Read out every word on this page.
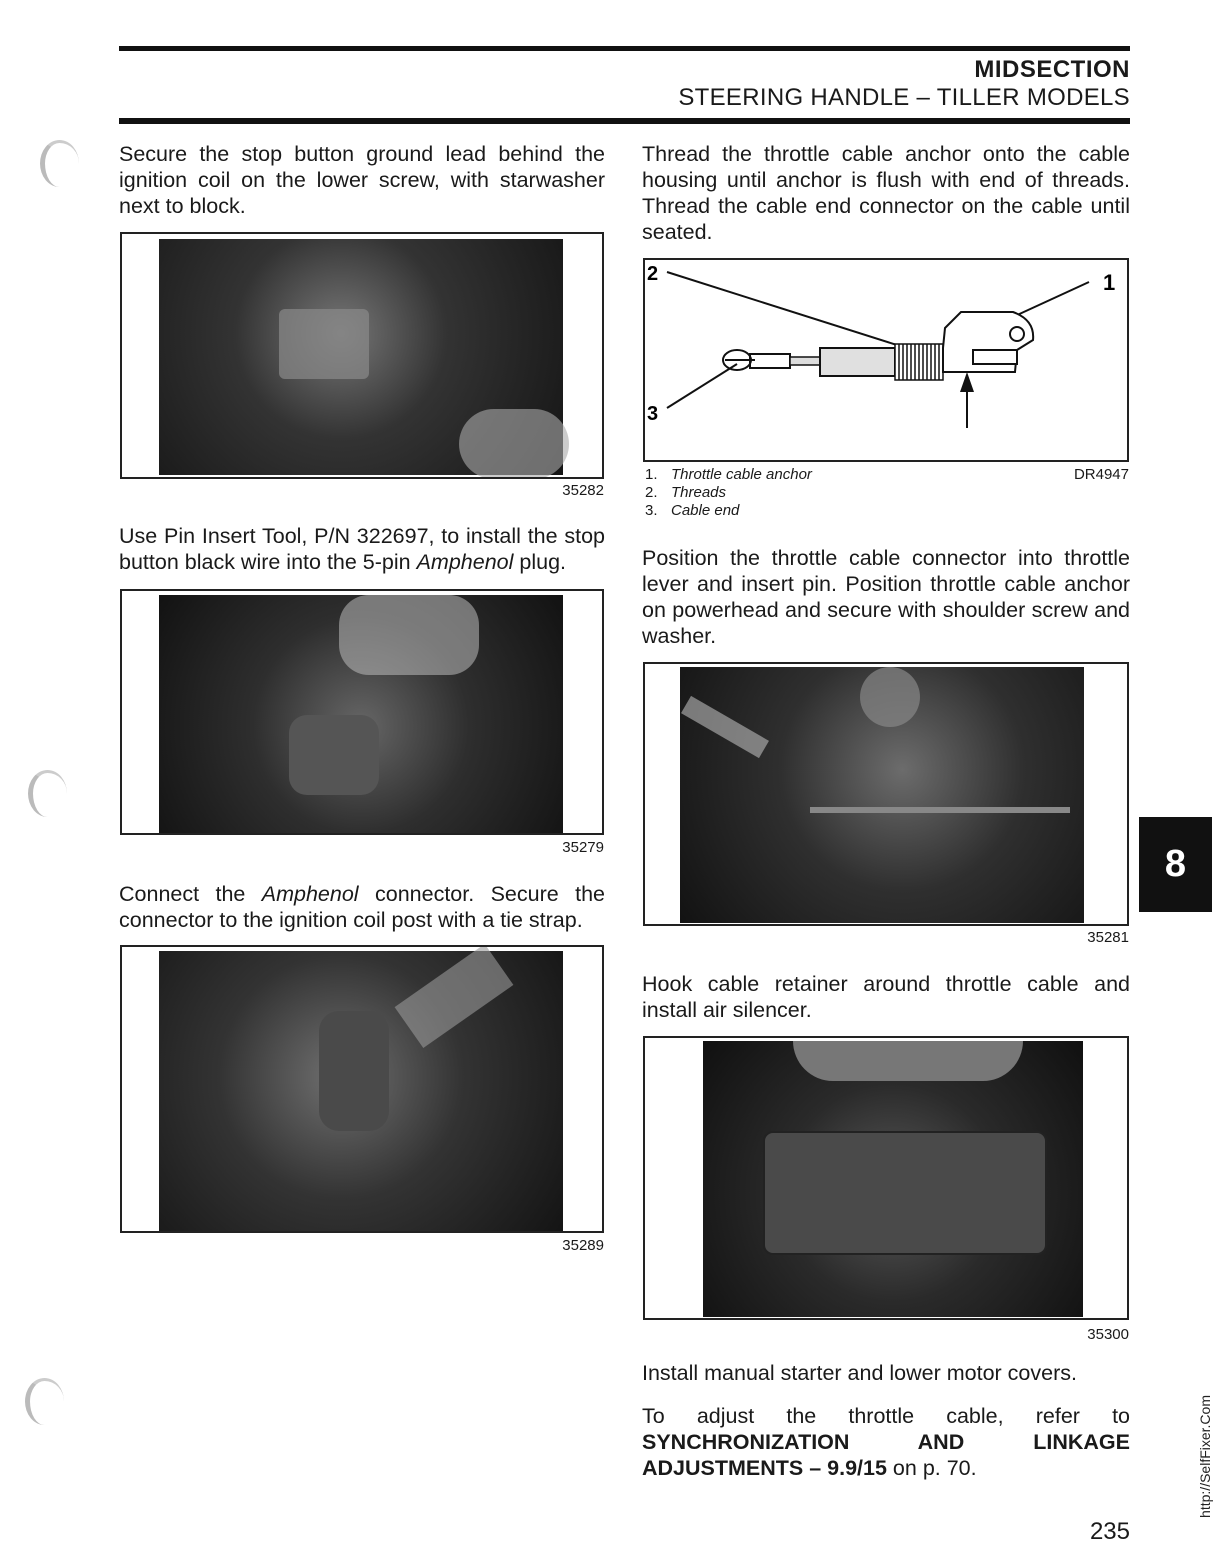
MIDSECTION
STEERING HANDLE – TILLER MODELS
Secure the stop button ground lead behind the ignition coil on the lower screw, with starwasher next to block.
35282
Use Pin Insert Tool, P/N 322697, to install the stop button black wire into the 5-pin Amphenol plug.
35279
Connect the Amphenol connector. Secure the connector to the ignition coil post with a tie strap.
35289
Thread the throttle cable anchor onto the cable housing until anchor is flush with end of threads. Thread the cable end connector on the cable until seated.
2	1
3
1. Throttle cable anchor
2. Threads
3. Cable end
DR4947
Position the throttle cable connector into throttle lever and insert pin. Position throttle cable anchor on powerhead and secure with shoulder screw and washer.
35281
Hook cable retainer around throttle cable and install air silencer.
35300
Install manual starter and lower motor covers.
To adjust the throttle cable, refer to SYNCHRONIZATION AND LINKAGE ADJUSTMENTS – 9.9/15 on p. 70.
8
http://SelfFixer.Com
235
